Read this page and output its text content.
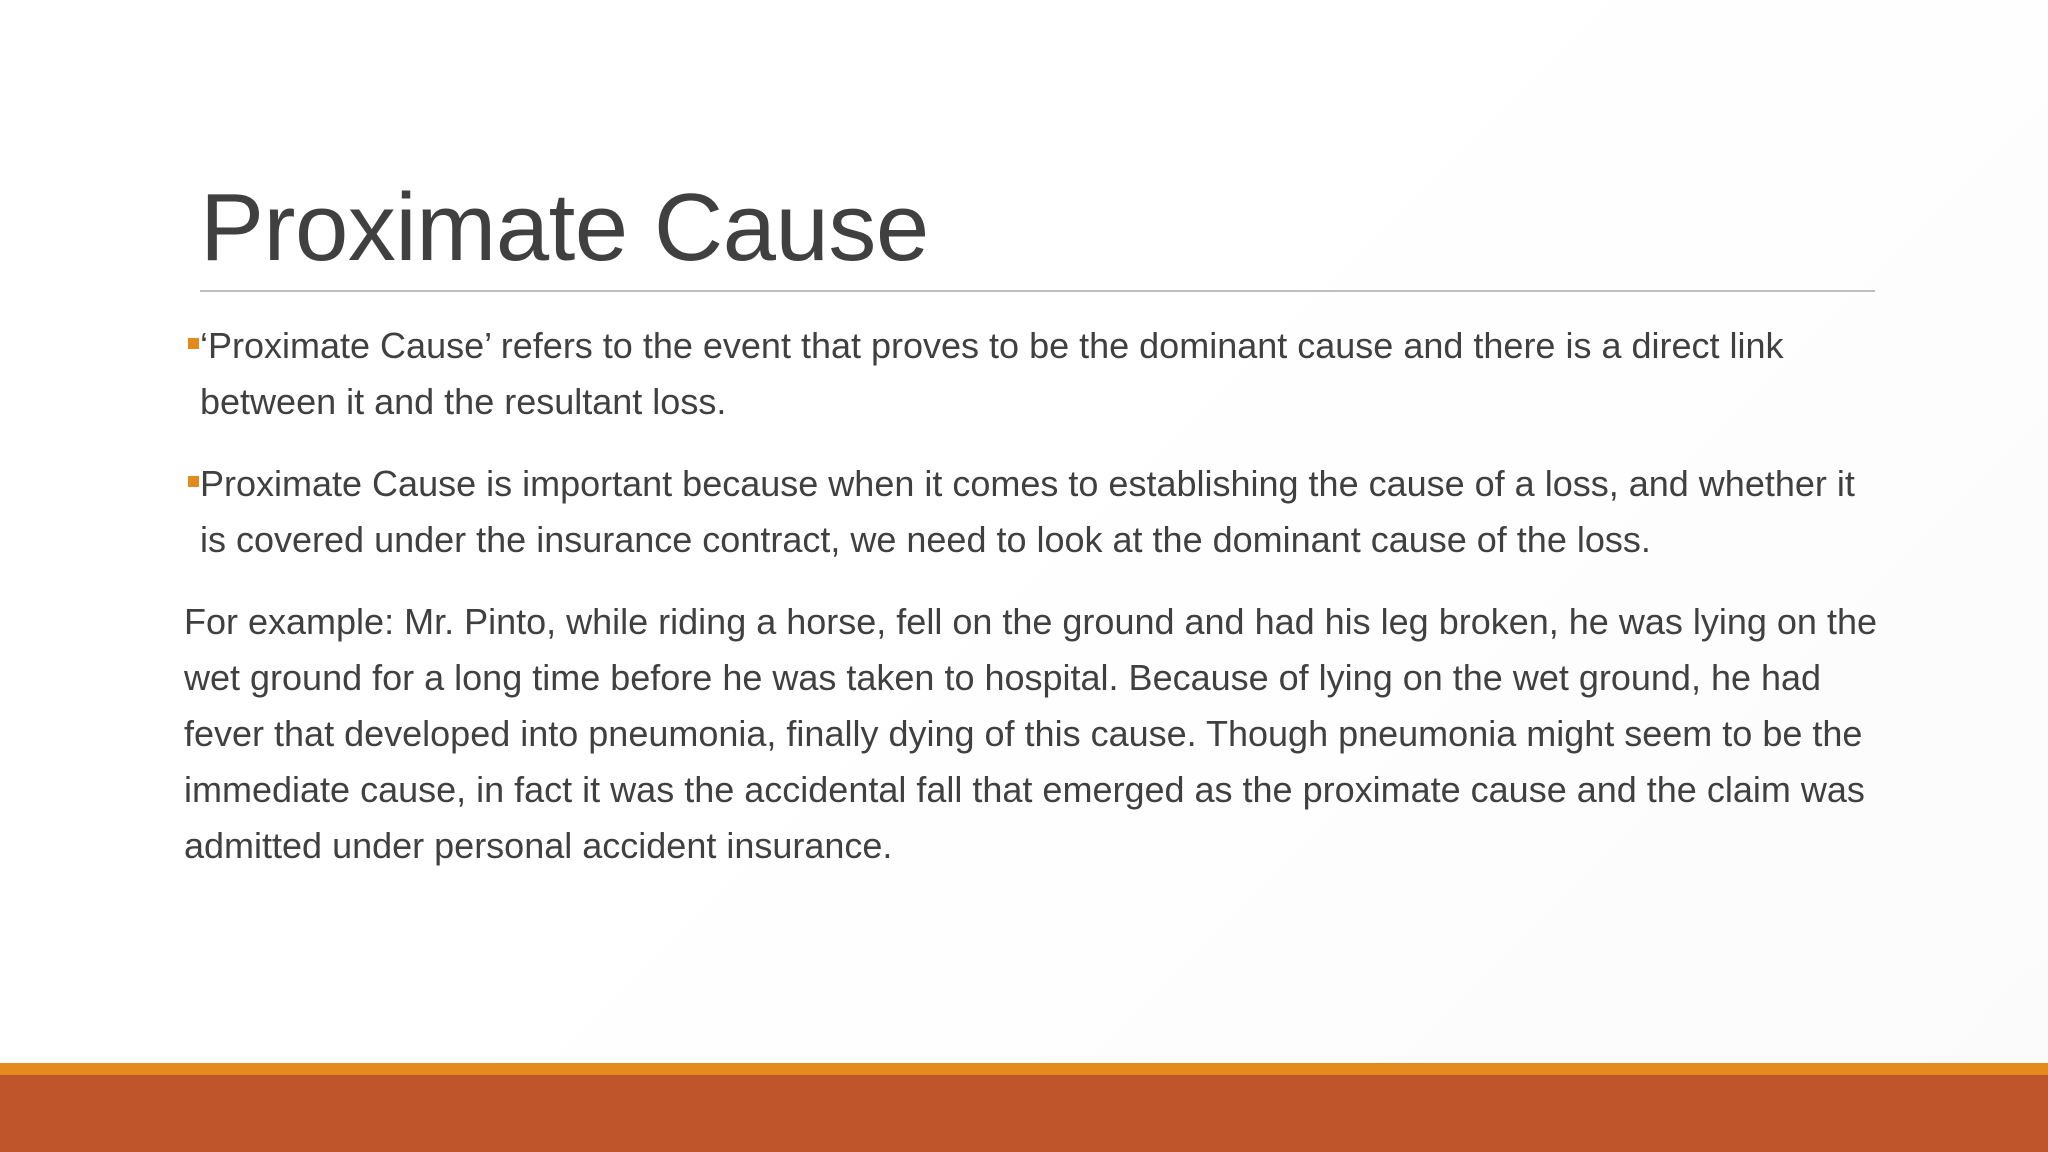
Proximate Cause

‘Proximate Cause’ refers to the event that proves to be the dominant cause and there is a direct link between it and the resultant loss.

Proximate Cause is important because when it comes to establishing the cause of a loss, and whether it is covered under the insurance contract, we need to look at the dominant cause of the loss.

For example: Mr. Pinto, while riding a horse, fell on the ground and had his leg broken, he was lying on the wet ground for a long time before he was taken to hospital. Because of lying on the wet ground, he had fever that developed into pneumonia, finally dying of this cause. Though pneumonia might seem to be the immediate cause, in fact it was the accidental fall that emerged as the proximate cause and the claim was admitted under personal accident insurance.
